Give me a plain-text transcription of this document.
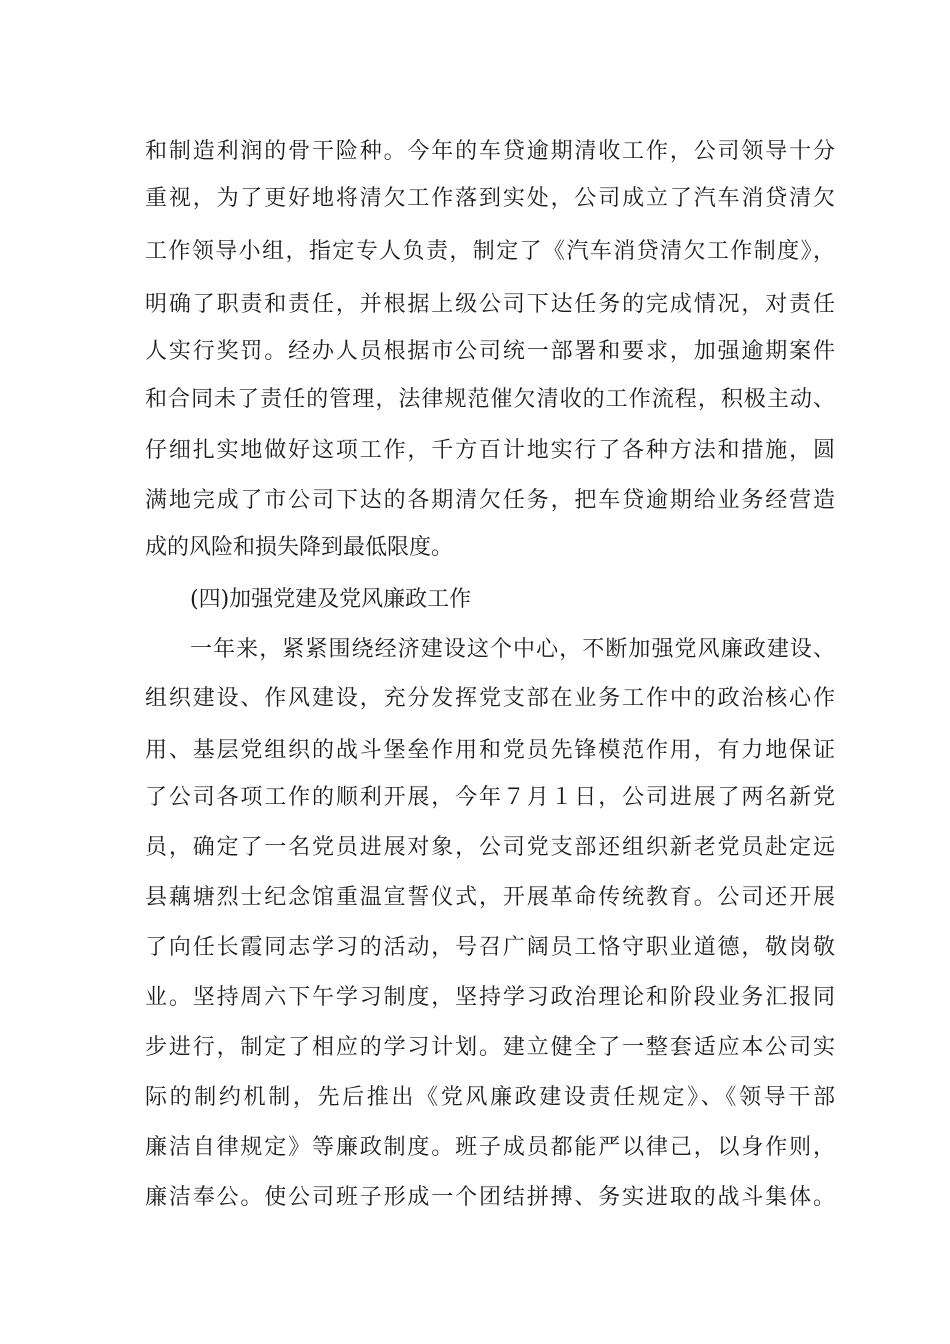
和制造利润的骨干险种。今年的车贷逾期清收工作，公司领导十分
重视，为了更好地将清欠工作落到实处，公司成立了汽车消贷清欠
工作领导小组，指定专人负责，制定了《汽车消贷清欠工作制度》，
明确了职责和责任，并根据上级公司下达任务的完成情况，对责任
人实行奖罚。经办人员根据市公司统一部署和要求，加强逾期案件
和合同未了责任的管理，法律规范催欠清收的工作流程，积极主动、
仔细扎实地做好这项工作，千方百计地实行了各种方法和措施，圆
满地完成了市公司下达的各期清欠任务，把车贷逾期给业务经营造
成的风险和损失降到最低限度。
(四)加强党建及党风廉政工作
一年来，紧紧围绕经济建设这个中心，不断加强党风廉政建设、
组织建设、作风建设，充分发挥党支部在业务工作中的政治核心作
用、基层党组织的战斗堡垒作用和党员先锋模范作用，有力地保证
了公司各项工作的顺利开展，今年７月１日，公司进展了两名新党
员，确定了一名党员进展对象，公司党支部还组织新老党员赴定远
县藕塘烈士纪念馆重温宣誓仪式，开展革命传统教育。公司还开展
了向任长霞同志学习的活动，号召广阔员工恪守职业道德，敬岗敬
业。坚持周六下午学习制度，坚持学习政治理论和阶段业务汇报同
步进行，制定了相应的学习计划。建立健全了一整套适应本公司实
际的制约机制，先后推出《党风廉政建设责任规定》、《领导干部
廉洁自律规定》等廉政制度。班子成员都能严以律己，以身作则，
廉洁奉公。使公司班子形成一个团结拼搏、务实进取的战斗集体。
